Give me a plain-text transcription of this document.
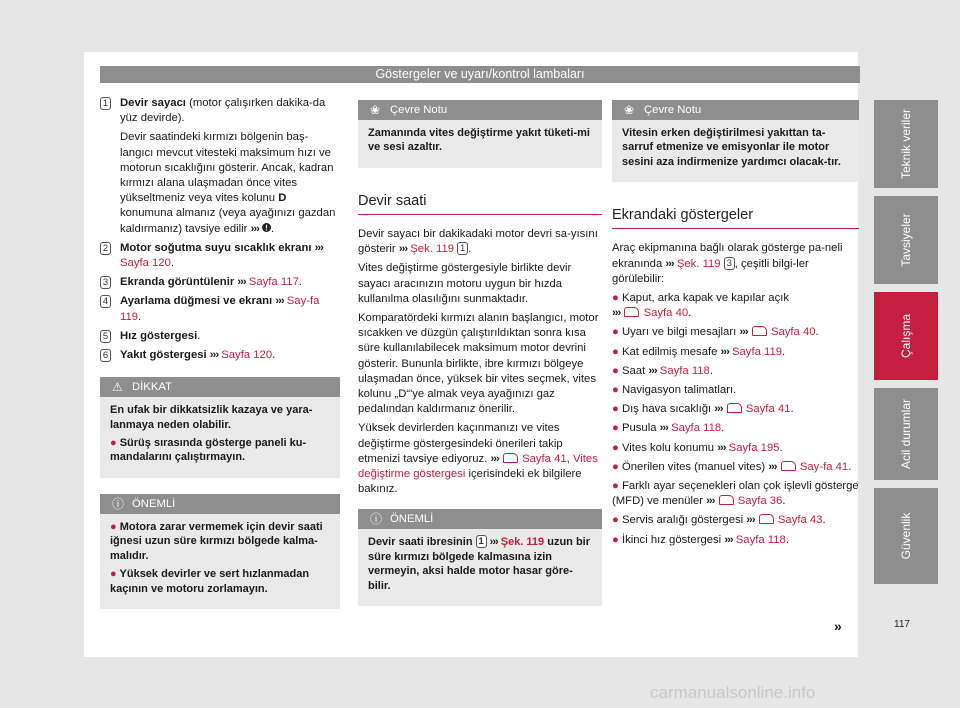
Göstergeler ve uyarı/kontrol lambaları
1 Devir sayacı (motor çalışırken dakika-da yüz devirde).

Devir saatindeki kırmızı bölgenin baş-langıcı mevcut vitesteki maksimum hızı ve motorun sıcaklığını gösterir. Ancak, kadran kırmızı alana ulaşmadan önce vites yükseltmeniz veya vites kolunu D konumuna almanız (veya ayağınızı gazdan kaldırmanız) tavsiye edilir ››› .

2 Motor soğutma suyu sıcaklık ekranı ››› Sayfa 120.

3 Ekranda görüntülenir ››› Sayfa 117.

4 Ayarlama düğmesi ve ekranı ››› Say-fa 119.

5 Hız göstergesi.

6 Yakıt göstergesi ››› Sayfa 120.

⚠ DİKKAT

En ufak bir dikkatsizlik kazaya ve yara-lanmaya neden olabilir.

● Sürüş sırasında gösterge paneli ku-mandalarını çalıştırmayın.

ⓘ ÖNEMLİ

● Motora zarar vermemek için devir saati iğnesi uzun süre kırmızı bölgede kalma-malıdır.

● Yüksek devirler ve sert hızlanmadan kaçının ve motoru zorlamayın.

❀ Çevre Notu

Zamanında vites değiştirme yakıt tüketi-mi ve sesi azaltır.

Devir saati

Devir sayacı bir dakikadaki motor devri sa-yısını gösterir ››› Şek. 119 1 .

Vites değiştirme göstergesiyle birlikte devir sayacı aracınızın motoru uygun bir hızda kullanılma olasılığını sunmaktadır.

Komparatördeki kırmızı alanın başlangıcı, motor sıcakken ve düzgün çalıştırıldıktan sonra kısa süre kullanılabilecek maksimum motor devrini gösterir. Bununla birlikte, ibre kırmızı bölgeye ulaşmadan önce, yüksek bir vites seçmek, vites kolunu „D“'ye almak veya ayağınızı gaz pedalından kaldırmanız önerilir.

Yüksek devirlerden kaçınmanızı ve vites değiştirme göstergesindeki önerileri takip etmenizi tavsiye ediyoruz. ››› Sayfa 41, Vites değiştirme göstergesi içerisindeki ek bilgilere bakınız.

ⓘ ÖNEMLİ

Devir saati ibresinin 1 ››› Şek. 119 uzun bir süre kırmızı bölgede kalmasına izin vermeyin, aksi halde motor hasar göre-bilir.

❀ Çevre Notu

Vitesin erken değiştirilmesi yakıttan ta-sarruf etmenize ve emisyonlar ile motor sesini aza indirmenize yardımcı olacak-tır.

Ekrandaki göstergeler

Araç ekipmanına bağlı olarak gösterge pa-neli ekranında ››› Şek. 119 3 , çeşitli bilgi-ler görülebilir:

● Kaput, arka kapak ve kapılar açık
››› Sayfa 40.

● Uyarı ve bilgi mesajları ››› Sayfa 40.

● Kat edilmiş mesafe ››› Sayfa 119.

● Saat ››› Sayfa 118.

● Navigasyon talimatları.

● Dış hava sıcaklığı ››› Sayfa 41.

● Pusula ››› Sayfa 118.

● Vites kolu konumu ››› Sayfa 195.

● Önerilen vites (manuel vites) ››› Say-fa 41.

● Farklı ayar seçenekleri olan çok işlevli gösterge (MFD) ve menüler ››› Sayfa 36.

● Servis aralığı göstergesi ››› Sayfa 43.

● İkinci hız göstergesi ››› Sayfa 118.

Teknik veriler
Tavsiyeler
Çalışma
Acil durumlar
Güvenlik
»	117
carmanualsonline.info
